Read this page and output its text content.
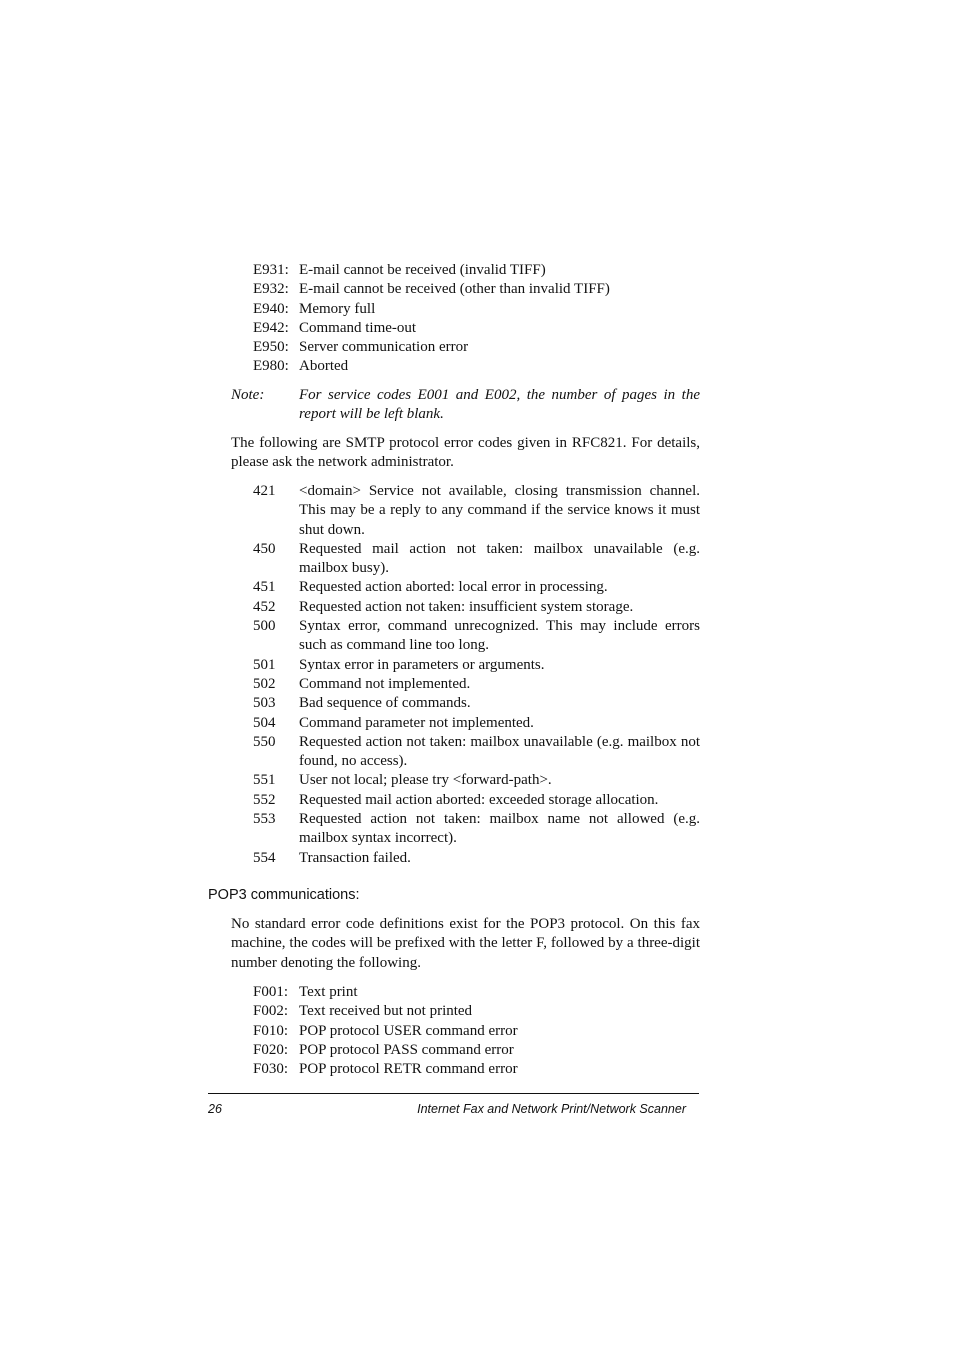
E931: E-mail cannot be received (invalid TIFF)
E932: E-mail cannot be received (other than invalid TIFF)
E940: Memory full
E942: Command time-out
E950: Server communication error
E980: Aborted
Note:	For service codes E001 and E002, the number of pages in the report will be left blank.

The following are SMTP protocol error codes given in RFC821. For details, please ask the network administrator.

421	<domain> Service not available, closing transmission channel. This may be a reply to any command if the service knows it must shut down.
450	Requested mail action not taken: mailbox unavailable (e.g. mailbox busy).
451	Requested action aborted: local error in processing.
452	Requested action not taken: insufficient system storage.
500	Syntax error, command unrecognized. This may include errors such as command line too long.
501	Syntax error in parameters or arguments.
502	Command not implemented.
503	Bad sequence of commands.
504	Command parameter not implemented.
550	Requested action not taken: mailbox unavailable (e.g. mailbox not found, no access).
551	User not local; please try <forward-path>.
552	Requested mail action aborted: exceeded storage allocation.
553	Requested action not taken: mailbox name not allowed (e.g. mailbox syntax incorrect).
554	Transaction failed.
POP3 communications:

No standard error code definitions exist for the POP3 protocol. On this fax machine, the codes will be prefixed with the letter F, followed by a three-digit number denoting the following.

F001: Text print
F002: Text received but not printed
F010: POP protocol USER command error
F020: POP protocol PASS command error
F030: POP protocol RETR command error
26	Internet Fax and Network Print/Network Scanner
